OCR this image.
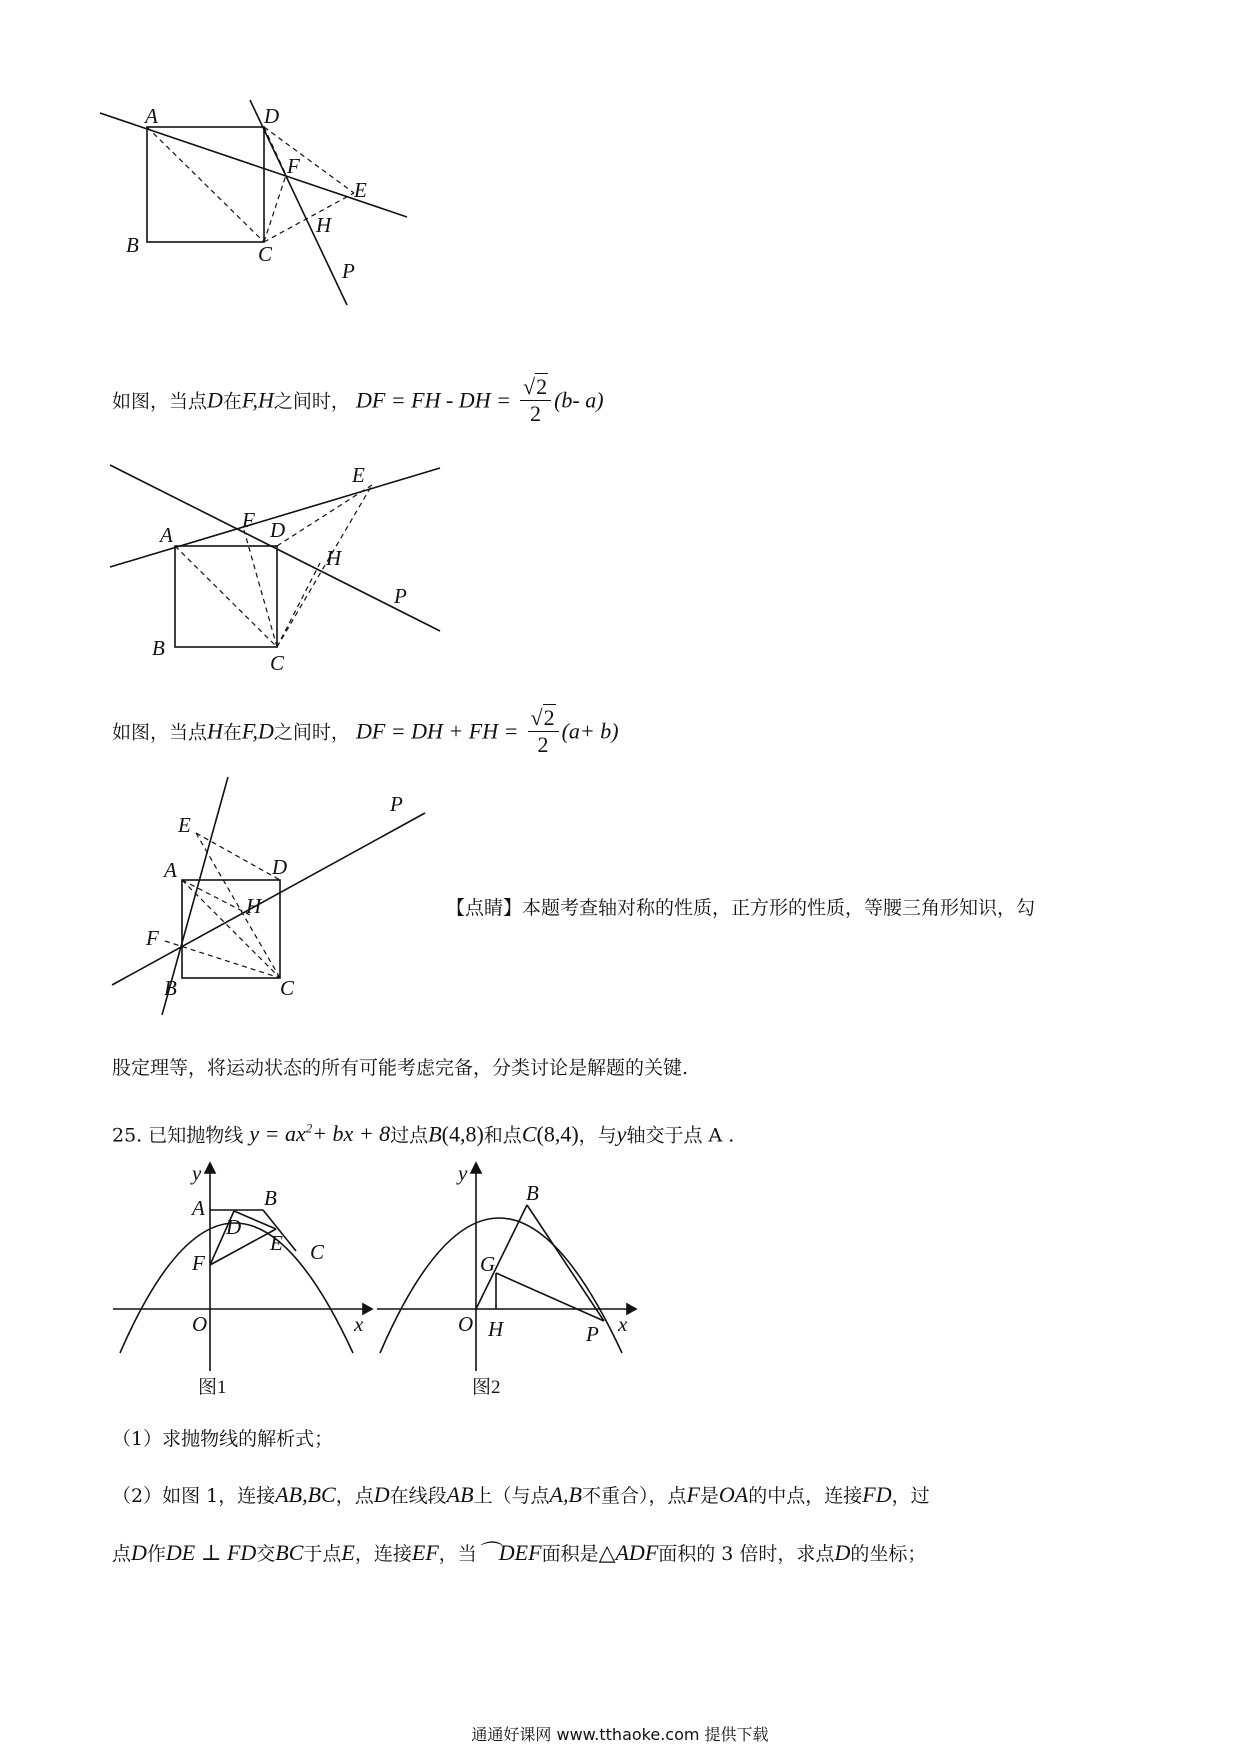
A	D
F
E
H
B	C
P
如图，当点D在F,H之间时， DF = FH - DH = $\frac{√2}{2} (b-$ a)
E
F D
A
H
P
B
C
如图，当点H在F,D之间时， DF = DH + FH = $\frac{√2}{2} (a+ b)$
P
E
D
A
H
F
B	C
【点睛】本题考查轴对称的性质，正方形的性质，等腰三角形知识，勾
股定理等，将运动状态的所有可能考虑完备，分类讨论是解题的关键.
25. 已知抛物线 $y = ax^2+$ bx + 8过点B(4,8)和点C(8,4)，与y轴交于点 A .
y
A	B
D
E C
F
O	x
图1
y
B
G
O H	P x
图2
（1）求抛物线的解析式；
（2）如图 1，连接AB,BC，点D在线段AB上（与点A,B不重合），点F是OA的中点，连接FD，过
点D作DE ⊥ FD交BC于点E，连接EF，当⌒DEF面积是△ADF面积的 3 倍时，求点D的坐标；
通通好课网 www.tthaoke.com 提供下载
